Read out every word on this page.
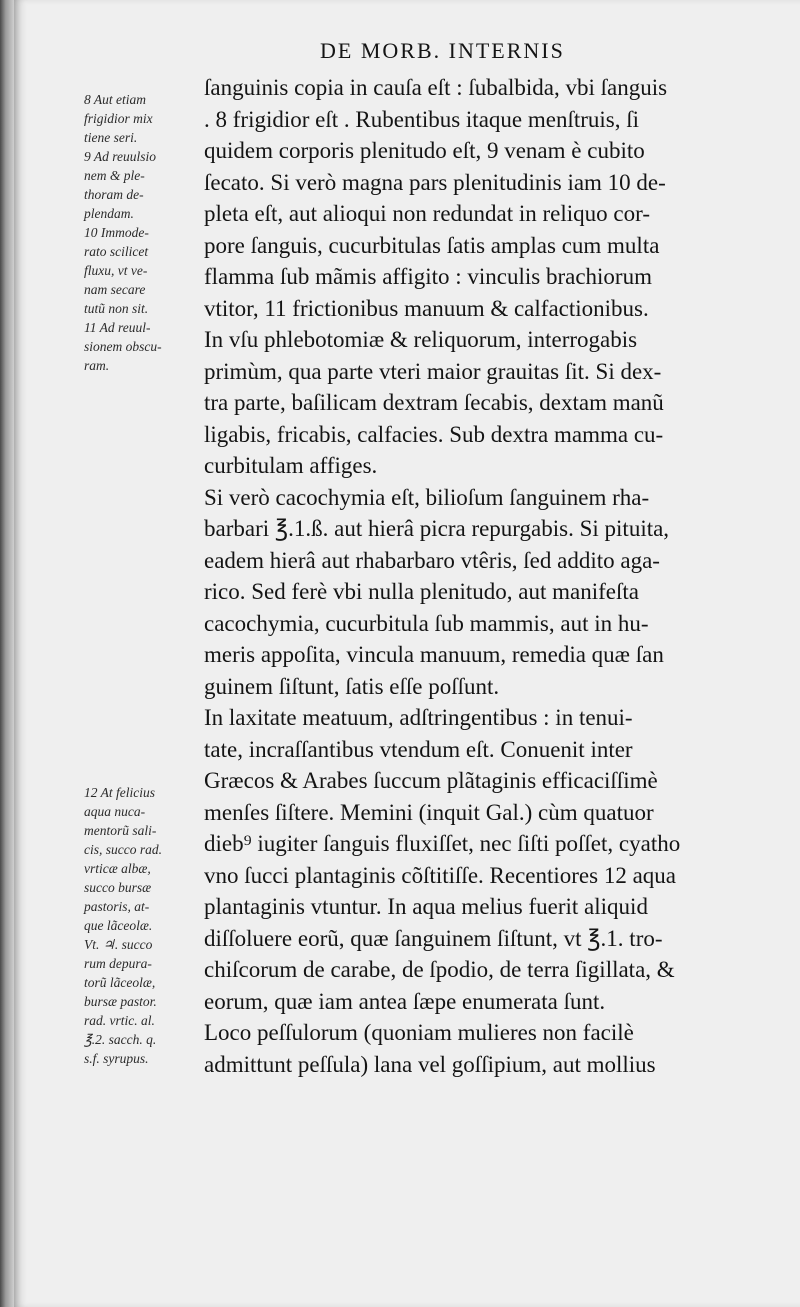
DE MORB. INTERNIS
8 Aut etiam
frigidior mix
tiene seri.
9 Ad reuulsio
nem & ple-
thoram de-
plendam.
10 Immode-
rato scilicet
fluxu, vt ve-
nam secare
tutũ non sit.
11 Ad reuul-
sionem obscu-
ram.
12 At felicius
aqua nuca-
mentorũ sali-
cis, succo rad.
vrticæ albæ,
succo bursæ
pastoris, at-
que lãceolæ.
Vt. ♃. succo
rum depura-
torũ lãceolæ,
bursæ pastor.
rad. vrtic. al.
℥.2. sacch. q.
s.f. syrupus.
ſanguinis copia in cauſa eſt : ſubalbida, vbi ſanguis
. 8 frigidior eſt . Rubentibus itaque menſtruis, ſi
quidem corporis plenitudo eſt, 9 venam è cubito
ſecato. Si verò magna pars plenitudinis iam 10 de-
pleta eſt, aut alioqui non redundat in reliquo cor-
pore ſanguis, cucurbitulas ſatis amplas cum multa
flamma ſub mãmis affigito : vinculis brachiorum
vtitor, 11 frictionibus manuum & calfactionibus.
In vſu phlebotomiæ & reliquorum, interrogabis
primùm, qua parte vteri maior grauitas ſit. Si dex-
tra parte, baſilicam dextram ſecabis, dextam manũ
ligabis, fricabis, calfacies. Sub dextra mamma cu-
curbitulam affiges.
Si verò cacochymia eſt, bilioſum ſanguinem rha-
barbari ℥.1.ß. aut hierâ picra repurgabis. Si pituita,
eadem hierâ aut rhabarbaro vtêris, ſed addito aga-
rico. Sed ferè vbi nulla plenitudo, aut manifeſta
cacochymia, cucurbitula ſub mammis, aut in hu-
meris appoſita, vincula manuum, remedia quæ ſan
guinem ſiſtunt, ſatis eſſe poſſunt.
In laxitate meatuum, adſtringentibus : in tenui-
tate, incraſſantibus vtendum eſt. Conuenit inter
Græcos & Arabes ſuccum plãtaginis efficaciſſimè
menſes ſiſtere. Memini (inquit Gal.) cùm quatuor
dieb⁹ iugiter ſanguis fluxiſſet, nec ſiſti poſſet, cyatho
vno ſucci plantaginis cõſtitiſſe. Recentiores 12 aqua
plantaginis vtuntur. In aqua melius fuerit aliquid
diſſoluere eorũ, quæ ſanguinem ſiſtunt, vt ℥.1. tro-
chiſcorum de carabe, de ſpodio, de terra ſigillata, &
eorum, quæ iam antea ſæpe enumerata ſunt.
Loco peſſulorum (quoniam mulieres non facilè
admittunt peſſula) lana vel goſſipium, aut mollius
